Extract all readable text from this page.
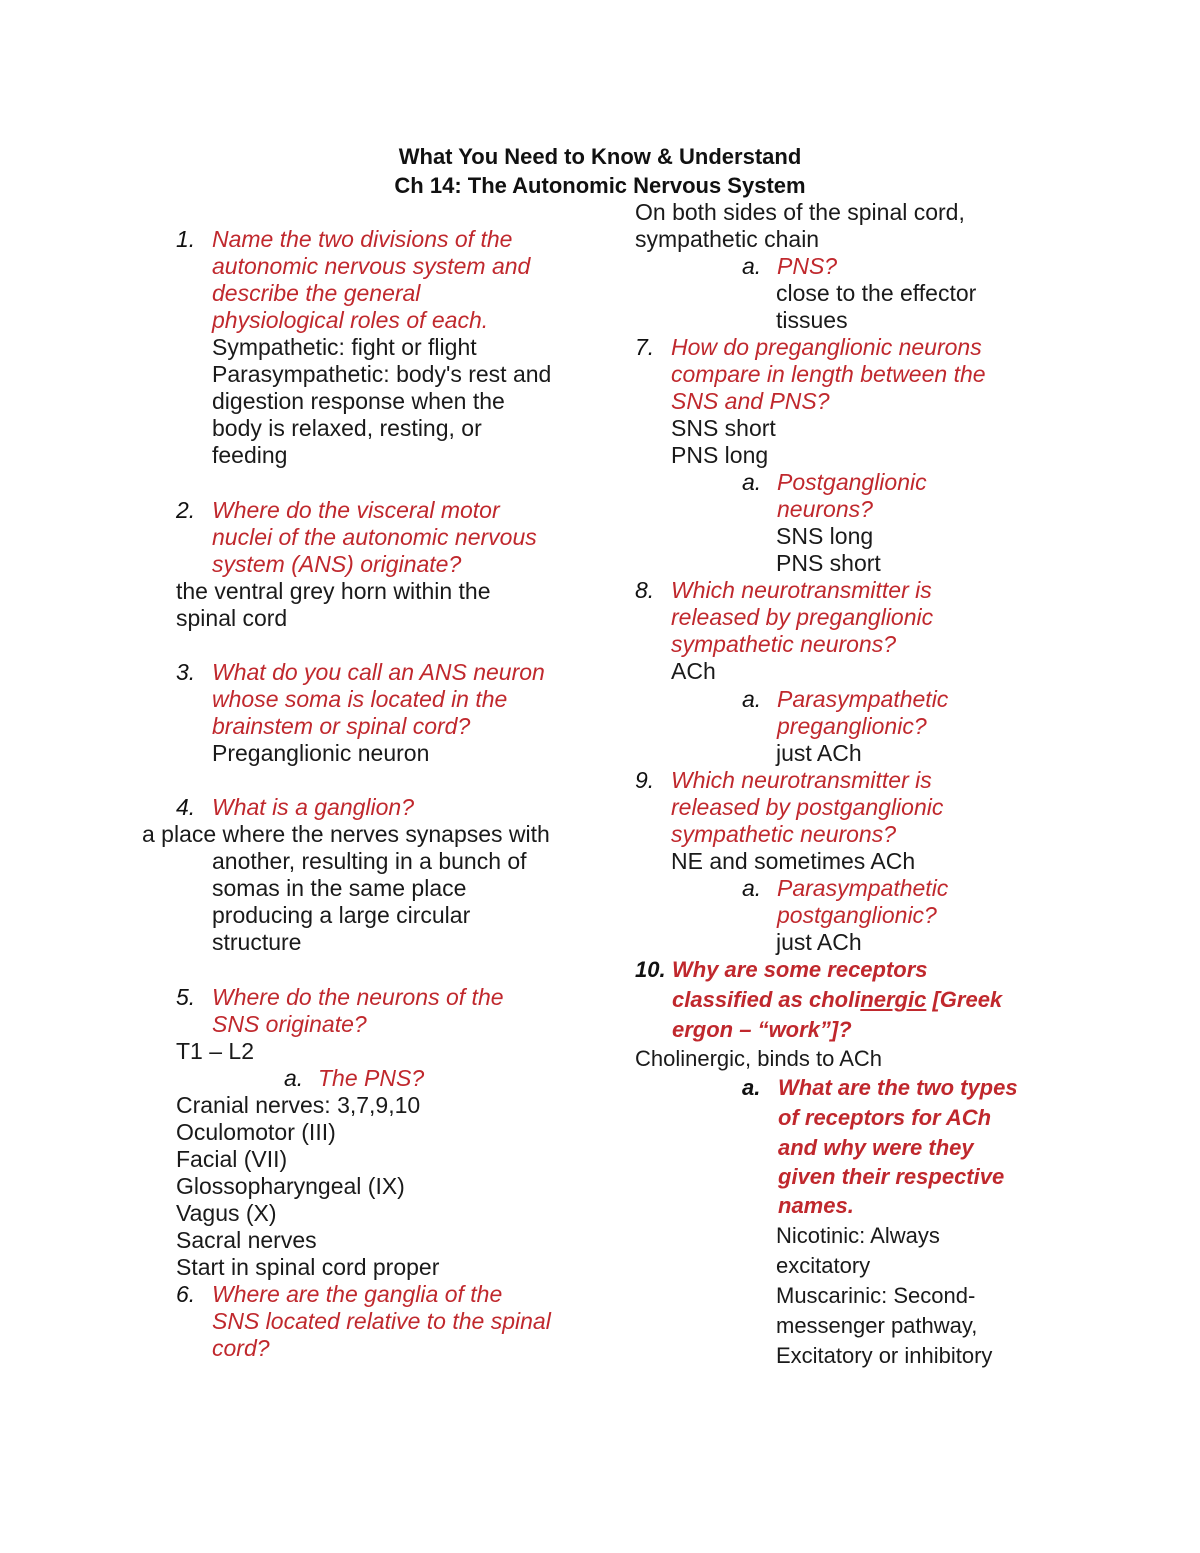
What You Need to Know & Understand
Ch 14: The Autonomic Nervous System
1. Name the two divisions of the
autonomic nervous system and
describe the general
physiological roles of each.
Sympathetic: fight or flight
Parasympathetic: body's rest and
digestion response when the
body is relaxed, resting, or
feeding
2. Where do the visceral motor
nuclei of the autonomic nervous
system (ANS) originate?
the ventral grey horn within the
spinal cord
3. What do you call an ANS neuron
whose soma is located in the
brainstem or spinal cord?
Preganglionic neuron
4. What is a ganglion?
a place where the nerves synapses with
another, resulting in a bunch of
somas in the same place
producing a large circular
structure
5. Where do the neurons of the
SNS originate?
T1 – L2
a. The PNS?
Cranial nerves: 3,7,9,10
Oculomotor (III)
Facial (VII)
Glossopharyngeal (IX)
Vagus (X)
Sacral nerves
Start in spinal cord proper
6. Where are the ganglia of the
SNS located relative to the spinal
cord?
On both sides of the spinal cord,
sympathetic chain
a. PNS?
close to the effector
tissues
7. How do preganglionic neurons
compare in length between the
SNS and PNS?
SNS short
PNS long
a. Postganglionic
neurons?
SNS long
PNS short
8. Which neurotransmitter is
released by preganglionic
sympathetic neurons?
ACh
a. Parasympathetic
preganglionic?
just ACh
9. Which neurotransmitter is
released by postganglionic
sympathetic neurons?
NE and sometimes ACh
a. Parasympathetic
postganglionic?
just ACh
10. Why are some receptors
classified as cholinergic [Greek
ergon – “work”]?
Cholinergic, binds to ACh
a. What are the two types
of receptors for ACh
and why were they
given their respective
names.
Nicotinic: Always
excitatory
Muscarinic: Second-
messenger pathway,
Excitatory or inhibitory
